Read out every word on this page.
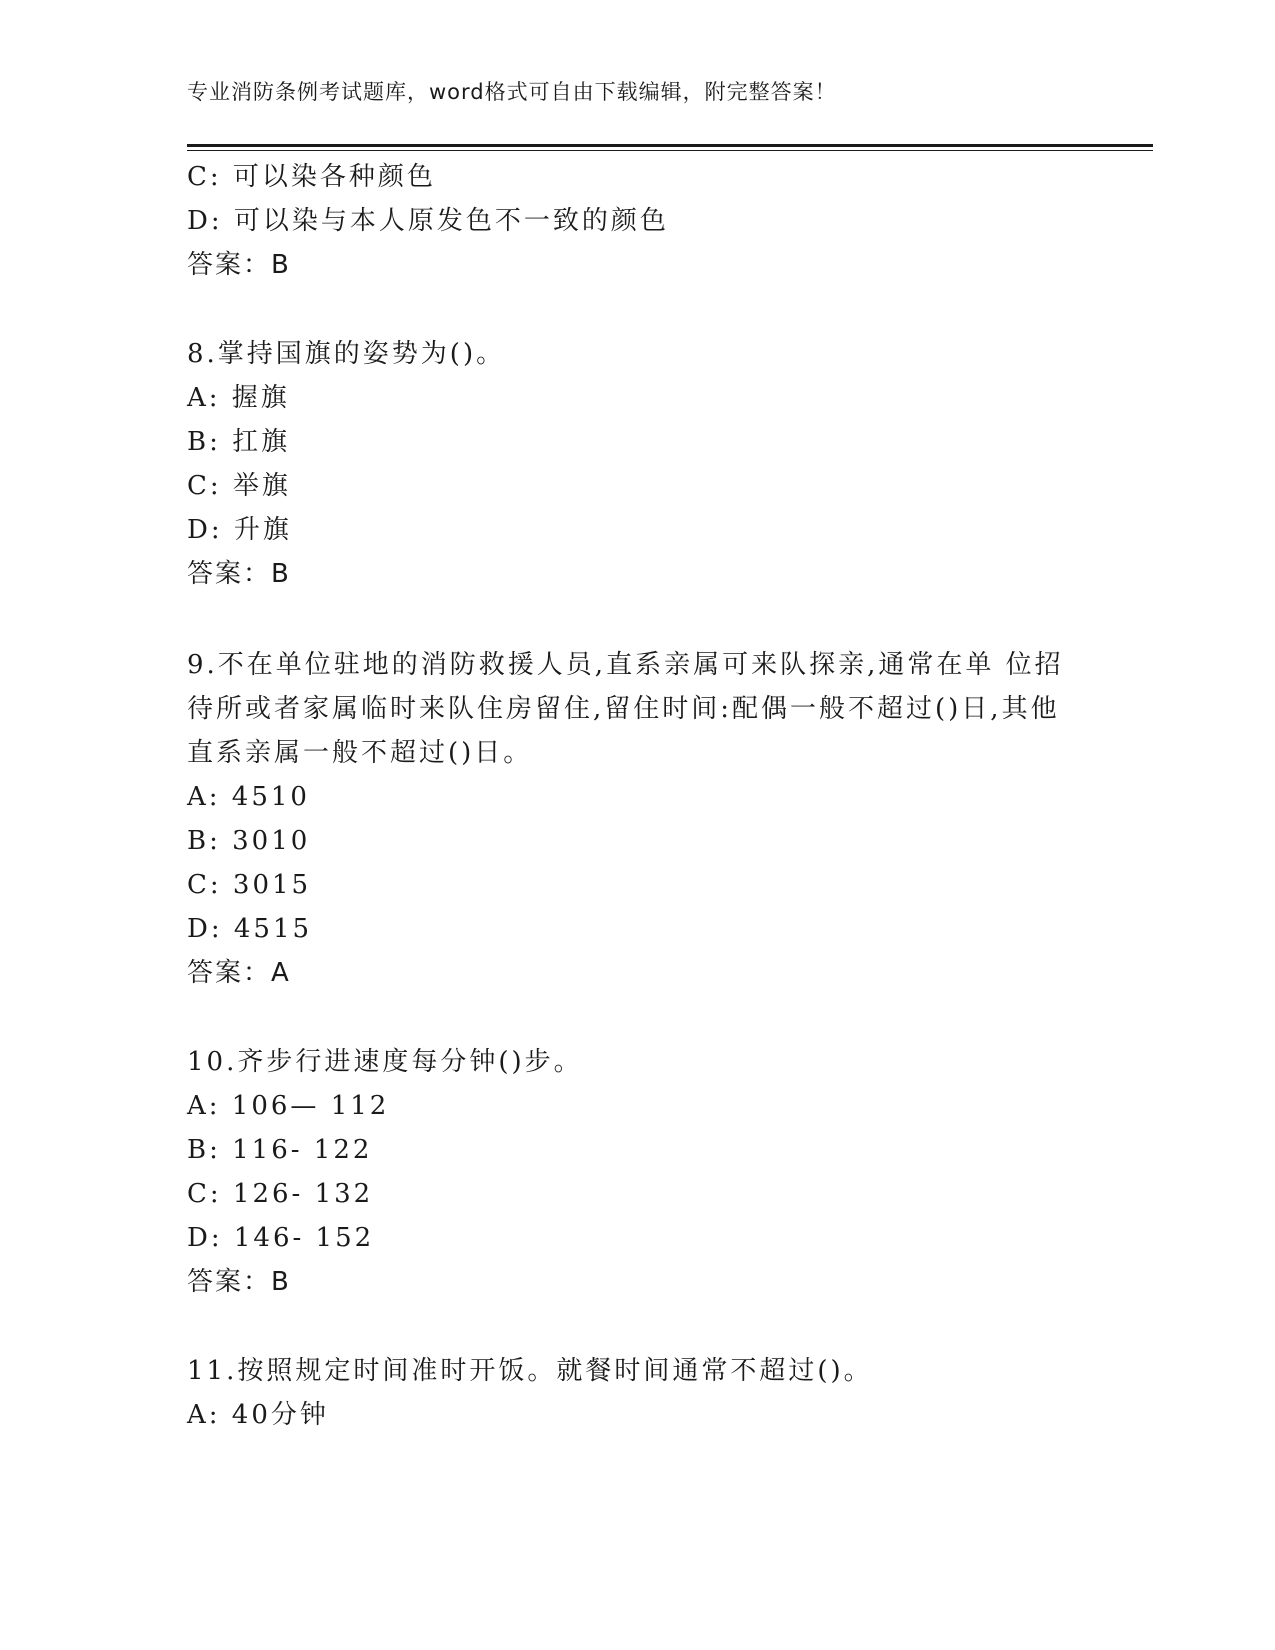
专业消防条例考试题库，word格式可自由下载编辑，附完整答案！
C: 可以染各种颜色
D: 可以染与本人原发色不一致的颜色
答案：B
8.掌持国旗的姿势为()。
A: 握旗
B: 扛旗
C: 举旗
D: 升旗
答案：B
9.不在单位驻地的消防救援人员,直系亲属可来队探亲,通常在单 位招
待所或者家属临时来队住房留住,留住时间:配偶一般不超过()日,其他
直系亲属一般不超过()日。
A: 4510
B: 3010
C: 3015
D: 4515
答案：A
10.齐步行进速度每分钟()步。
A: 106— 112
B: 116- 122
C: 126- 132
D: 146- 152
答案：B
11.按照规定时间准时开饭。就餐时间通常不超过()。
A: 40分钟
